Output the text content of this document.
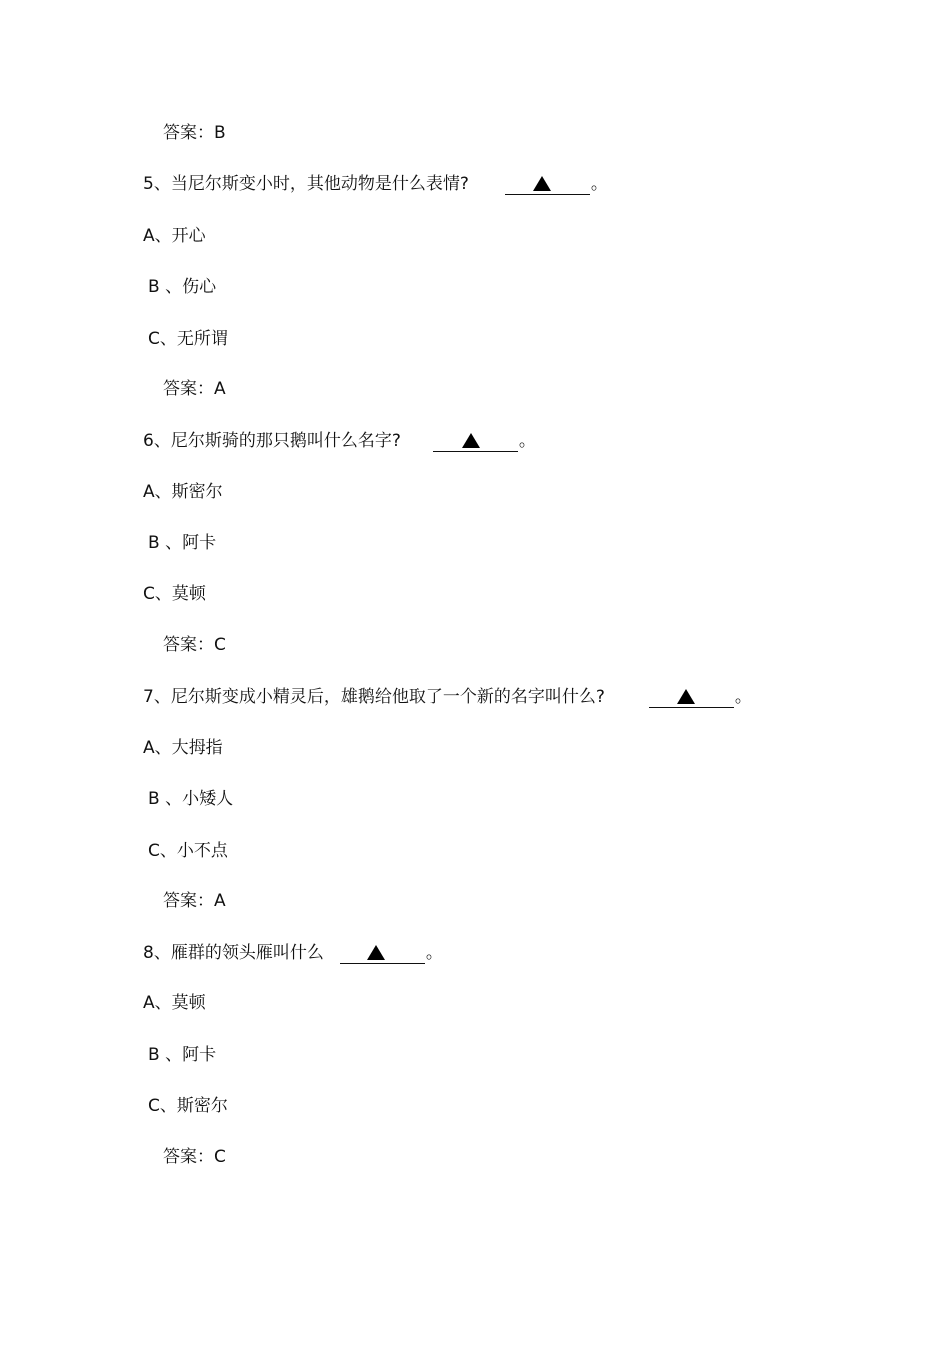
答案：B
5、当尼尔斯变小时，其他动物是什么表情?	。
A、开心
B 、伤心
C、无所谓
答案：A
6、尼尔斯骑的那只鹅叫什么名字?	。
A、斯密尔
B 、阿卡
C、莫顿
答案：C
7、尼尔斯变成小精灵后，雄鹅给他取了一个新的名字叫什么?	。
A、大拇指
B 、小矮人
C、小不点
答案：A
8、雁群的领头雁叫什么	。
A、莫顿
B 、阿卡
C、斯密尔
答案：C
